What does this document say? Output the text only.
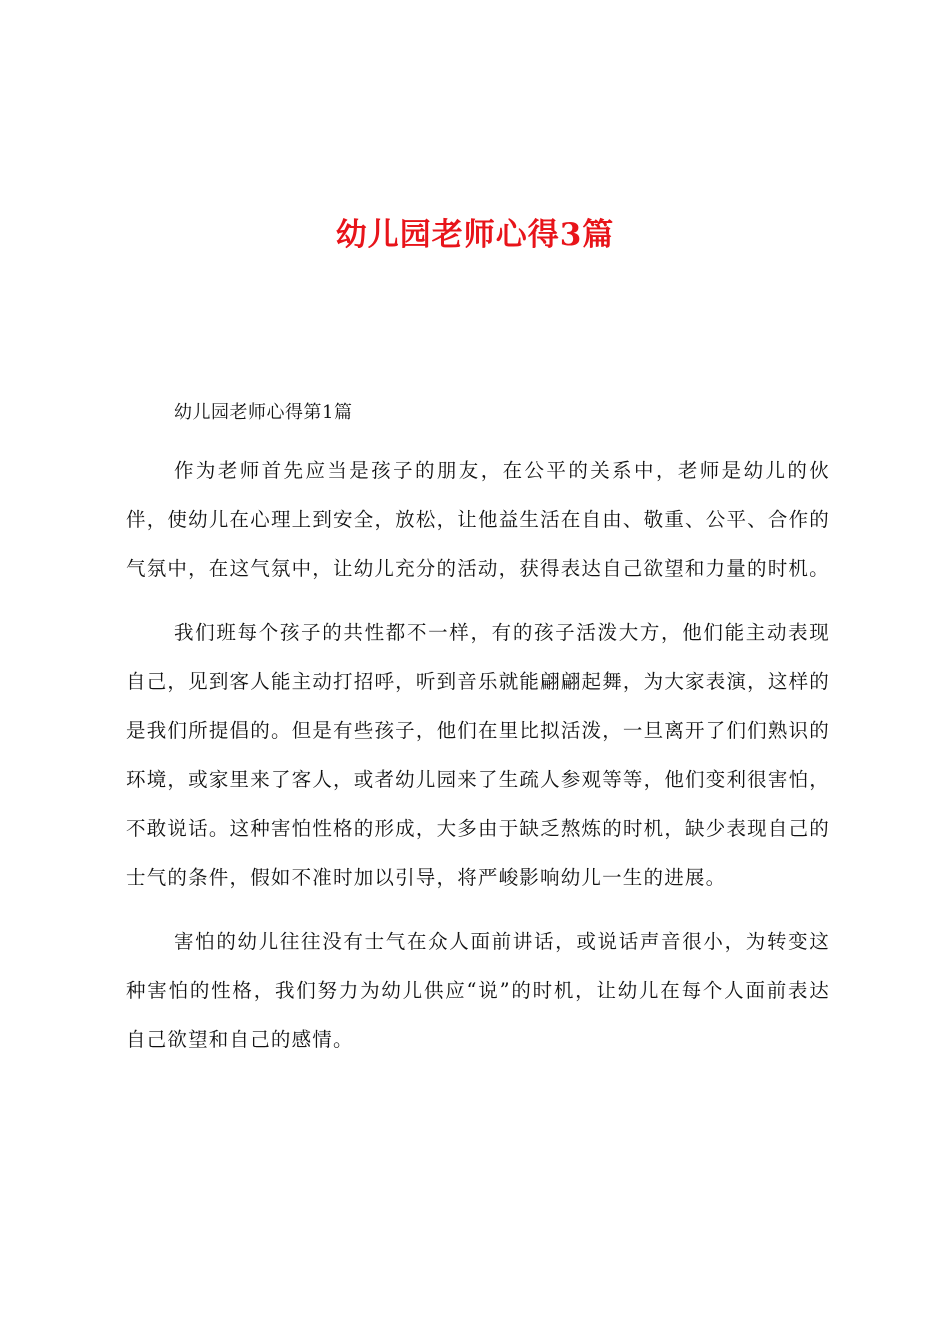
幼儿园老师心得3篇

幼儿园老师心得第1篇

作为老师首先应当是孩子的朋友，在公平的关系中，老师是幼儿的伙伴，使幼儿在心理上到安全，放松，让他益生活在自由、敬重、公平、合作的气氛中，在这气氛中，让幼儿充分的活动，获得表达自己欲望和力量的时机。

我们班每个孩子的共性都不一样，有的孩子活泼大方，他们能主动表现自己，见到客人能主动打招呼，听到音乐就能翩翩起舞，为大家表演，这样的是我们所提倡的。但是有些孩子，他们在里比拟活泼，一旦离开了们们熟识的环境，或家里来了客人，或者幼儿园来了生疏人参观等等，他们变利很害怕，不敢说话。这种害怕性格的形成，大多由于缺乏熬炼的时机，缺少表现自己的士气的条件，假如不准时加以引导，将严峻影响幼儿一生的进展。

害怕的幼儿往往没有士气在众人面前讲话，或说话声音很小，为转变这种害怕的性格，我们努力为幼儿供应“说”的时机，让幼儿在每个人面前表达自己欲望和自己的感情。
